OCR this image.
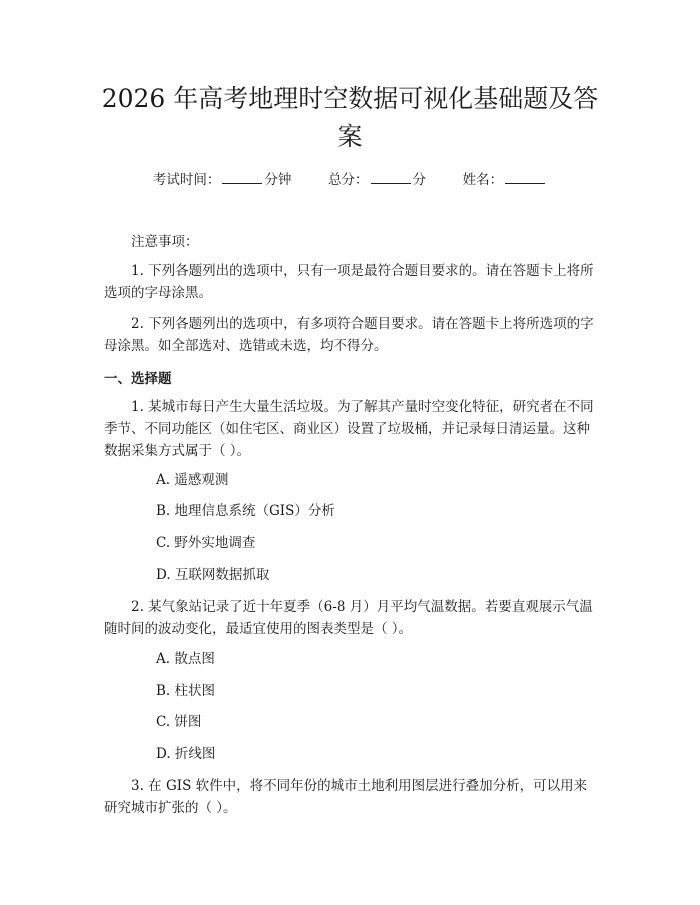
2026 年高考地理时空数据可视化基础题及答案
考试时间：	分钟	总分：	分	姓名：

注意事项：

1. 下列各题列出的选项中，只有一项是最符合题目要求的。请在答题卡上将所选项的字母涂黑。

2. 下列各题列出的选项中，有多项符合题目要求。请在答题卡上将所选项的字母涂黑。如全部选对、选错或未选，均不得分。

一、选择题

1. 某城市每日产生大量生活垃圾。为了解其产量时空变化特征，研究者在不同季节、不同功能区（如住宅区、商业区）设置了垃圾桶，并记录每日清运量。这种数据采集方式属于（ ）。

A. 遥感观测

B. 地理信息系统（GIS）分析

C. 野外实地调查

D. 互联网数据抓取

2. 某气象站记录了近十年夏季（6-8 月）月平均气温数据。若要直观展示气温随时间的波动变化，最适宜使用的图表类型是（ ）。

A. 散点图

B. 柱状图

C. 饼图

D. 折线图

3. 在 GIS 软件中，将不同年份的城市土地利用图层进行叠加分析，可以用来研究城市扩张的（ ）。
